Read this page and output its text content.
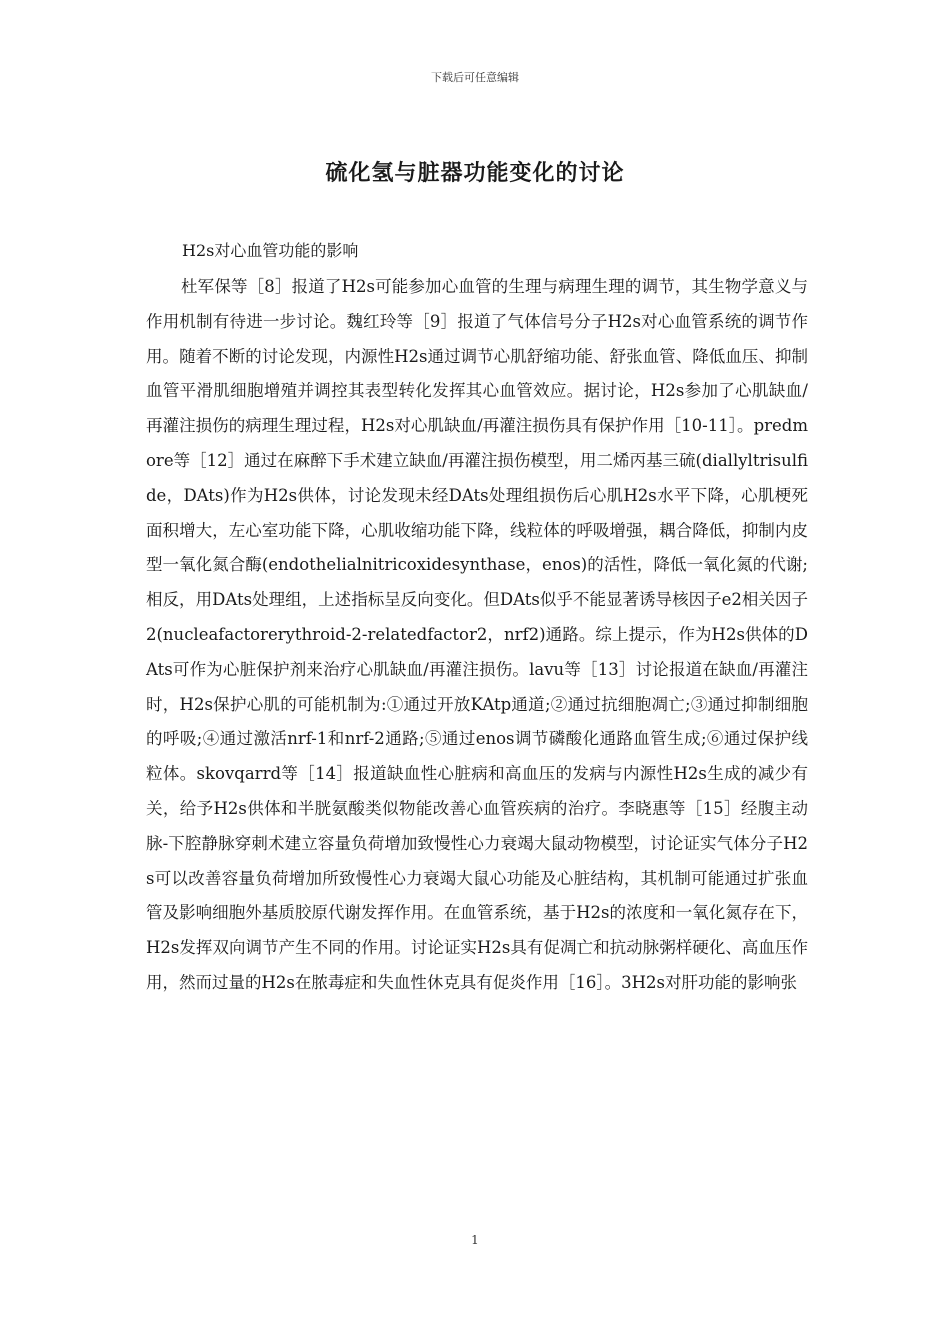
下载后可任意编辑
硫化氢与脏器功能变化的讨论
H2s对心血管功能的影响

杜军保等［8］报道了H2s可能参加心血管的生理与病理生理的调节，其生物学意义与作用机制有待进一步讨论。魏红玲等［9］报道了气体信号分子H2s对心血管系统的调节作用。随着不断的讨论发现，内源性H2s通过调节心肌舒缩功能、舒张血管、降低血压、抑制血管平滑肌细胞增殖并调控其表型转化发挥其心血管效应。据讨论，H2s参加了心肌缺血/再灌注损伤的病理生理过程，H2s对心肌缺血/再灌注损伤具有保护作用［10-11］。predmore等［12］通过在麻醉下手术建立缺血/再灌注损伤模型，用二烯丙基三硫(diallyltrisulfide，DAts)作为H2s供体，讨论发现未经DAts处理组损伤后心肌H2s水平下降，心肌梗死面积增大，左心室功能下降，心肌收缩功能下降，线粒体的呼吸增强，耦合降低，抑制内皮型一氧化氮合酶(endothelialnitricoxidesynthase，enos)的活性，降低一氧化氮的代谢;相反，用DAts处理组，上述指标呈反向变化。但DAts似乎不能显著诱导核因子e2相关因子2(nucleafactorerythroid-2-relatedfactor2，nrf2)通路。综上提示，作为H2s供体的DAts可作为心脏保护剂来治疗心肌缺血/再灌注损伤。lavu等［13］讨论报道在缺血/再灌注时，H2s保护心肌的可能机制为:①通过开放KAtp通道;②通过抗细胞凋亡;③通过抑制细胞的呼吸;④通过激活nrf-1和nrf-2通路;⑤通过enos调节磷酸化通路血管生成;⑥通过保护线粒体。skovqarrd等［14］报道缺血性心脏病和高血压的发病与内源性H2s生成的减少有关，给予H2s供体和半胱氨酸类似物能改善心血管疾病的治疗。李晓惠等［15］经腹主动脉-下腔静脉穿刺术建立容量负荷增加致慢性心力衰竭大鼠动物模型，讨论证实气体分子H2s可以改善容量负荷增加所致慢性心力衰竭大鼠心功能及心脏结构，其机制可能通过扩张血管及影响细胞外基质胶原代谢发挥作用。在血管系统，基于H2s的浓度和一氧化氮存在下，H2s发挥双向调节产生不同的作用。讨论证实H2s具有促凋亡和抗动脉粥样硬化、高血压作用，然而过量的H2s在脓毒症和失血性休克具有促炎作用［16］。3H2s对肝功能的影响张

1
